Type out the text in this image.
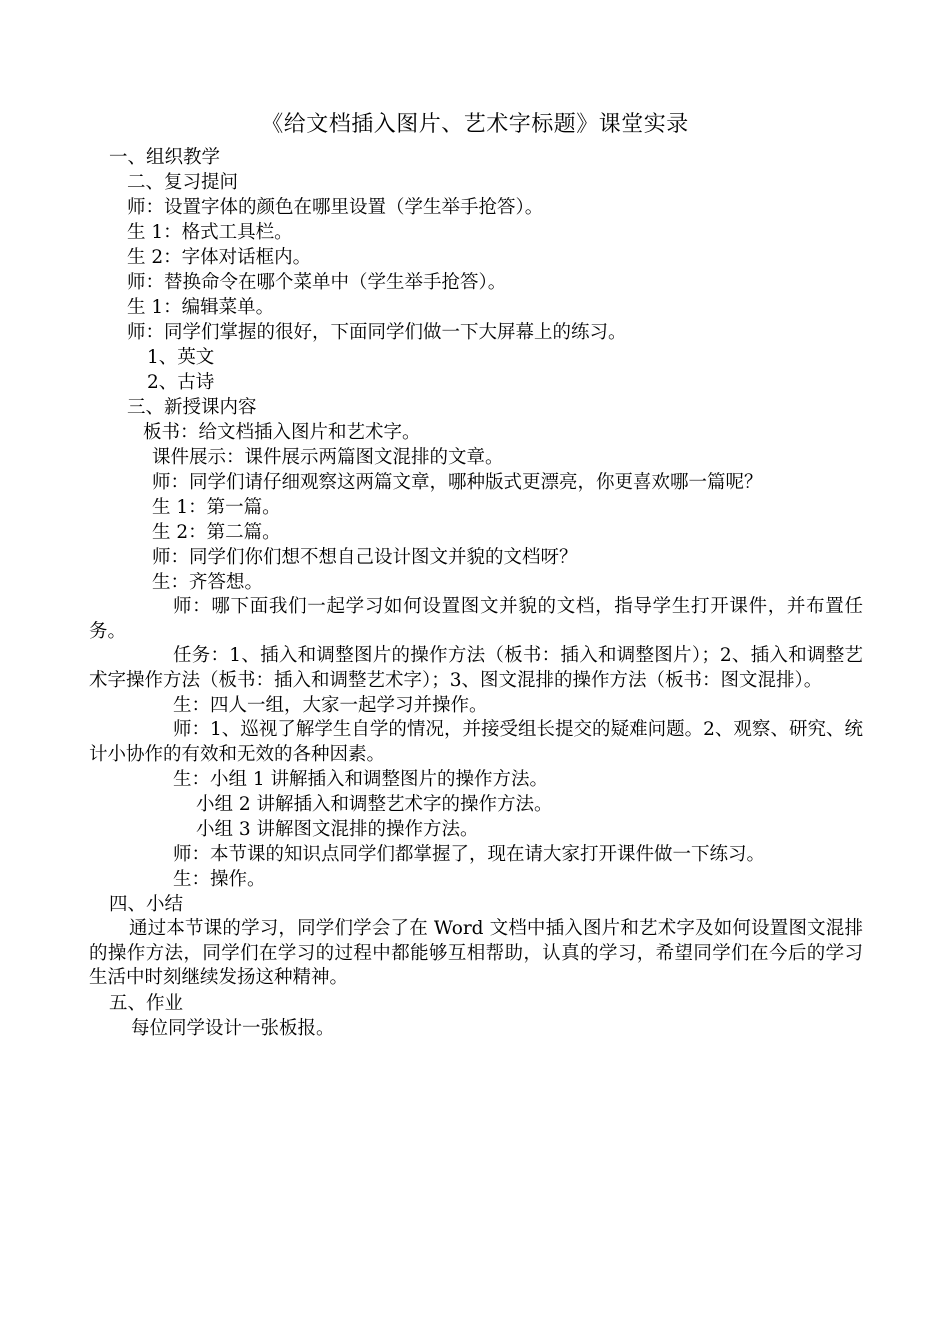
《给文档插入图片、艺术字标题》课堂实录

一、组织教学

二、复习提问

师：设置字体的颜色在哪里设置（学生举手抢答）。

生 1：格式工具栏。

生 2：字体对话框内。

师：替换命令在哪个菜单中（学生举手抢答）。

生 1：编辑菜单。

师：同学们掌握的很好，下面同学们做一下大屏幕上的练习。

1、英文

2、古诗

三、新授课内容

板书：给文档插入图片和艺术字。

课件展示：课件展示两篇图文混排的文章。

师：同学们请仔细观察这两篇文章，哪种版式更漂亮，你更喜欢哪一篇呢？

生 1：第一篇。

生 2：第二篇。

师：同学们你们想不想自己设计图文并貌的文档呀？

生：齐答想。

师：哪下面我们一起学习如何设置图文并貌的文档，指导学生打开课件，并布置任务。

任务：1、插入和调整图片的操作方法（板书：插入和调整图片）；2、插入和调整艺术字操作方法（板书：插入和调整艺术字）；3、图文混排的操作方法（板书：图文混排）。

生：四人一组，大家一起学习并操作。

师：1、巡视了解学生自学的情况，并接受组长提交的疑难问题。2、观察、研究、统计小协作的有效和无效的各种因素。

生：小组 1 讲解插入和调整图片的操作方法。

小组 2 讲解插入和调整艺术字的操作方法。

小组 3 讲解图文混排的操作方法。

师：本节课的知识点同学们都掌握了，现在请大家打开课件做一下练习。

生：操作。

四、小结

通过本节课的学习，同学们学会了在 Word 文档中插入图片和艺术字及如何设置图文混排的操作方法，同学们在学习的过程中都能够互相帮助，认真的学习，希望同学们在今后的学习生活中时刻继续发扬这种精神。

五、作业

每位同学设计一张板报。
